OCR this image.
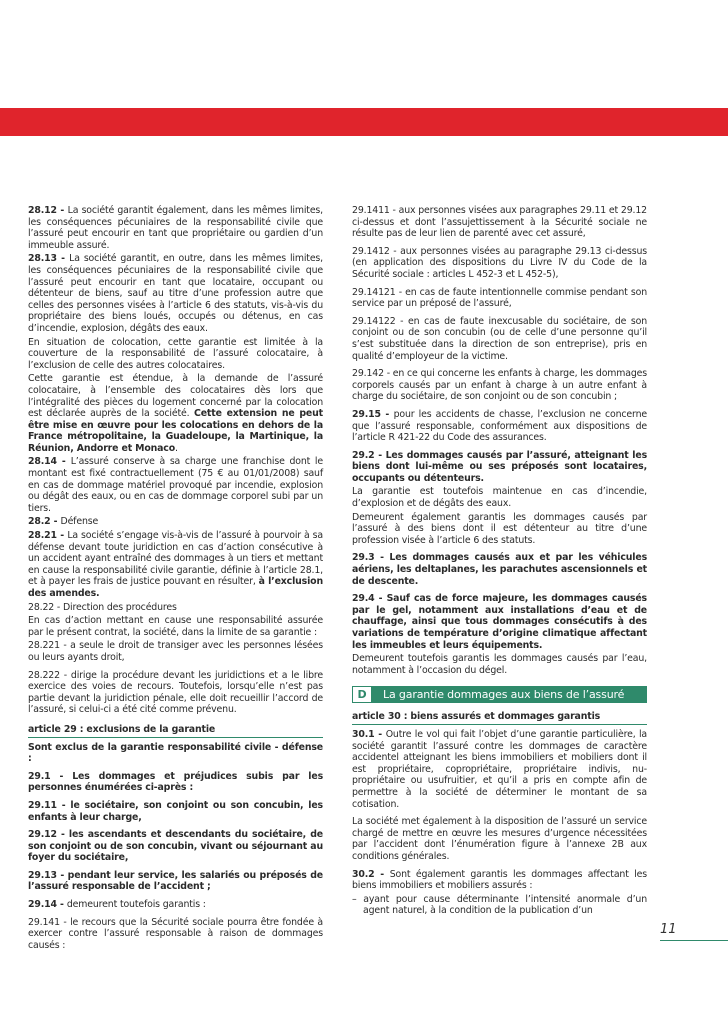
28.12 - La société garantit également, dans les mêmes limites, les conséquences pécuniaires de la responsabilité civile que l’assuré peut encourir en tant que propriétaire ou gardien d’un immeuble assuré.

28.13 - La société garantit, en outre, dans les mêmes limites, les conséquences pécuniaires de la responsabilité civile que l’assuré peut encourir en tant que locataire, occupant ou détenteur de biens, sauf au titre d’une profession autre que celles des personnes visées à l’article 6 des statuts, vis-à-vis du propriétaire des biens loués, occupés ou détenus, en cas d’incendie, explosion, dégâts des eaux.

En situation de colocation, cette garantie est limitée à la couverture de la responsabilité de l’assuré colocataire, à l’exclusion de celle des autres colocataires.

Cette garantie est étendue, à la demande de l’assuré colocataire, à l’ensemble des colocataires dès lors que l’intégralité des pièces du logement concerné par la colocation est déclarée auprès de la société. Cette extension ne peut être mise en œuvre pour les colocations en dehors de la France métropolitaine, la Guadeloupe, la Martinique, la Réunion, Andorre et Monaco.

28.14 - L’assuré conserve à sa charge une franchise dont le montant est fixé contractuellement (75 € au 01/01/2008) sauf en cas de dommage matériel provoqué par incendie, explosion ou dégât des eaux, ou en cas de dommage corporel subi par un tiers.

28.2 - Défense

28.21 - La société s’engage vis-à-vis de l’assuré à pourvoir à sa défense devant toute juridiction en cas d’action consécutive à un accident ayant entraîné des dommages à un tiers et mettant en cause la responsabilité civile garantie, définie à l’article 28.1, et à payer les frais de justice pouvant en résulter, à l’exclusion des amendes.

28.22 - Direction des procédures

En cas d’action mettant en cause une responsabilité assurée par le présent contrat, la société, dans la limite de sa garantie :

28.221 - a seule le droit de transiger avec les personnes lésées ou leurs ayants droit,

28.222 - dirige la procédure devant les juridictions et a le libre exercice des voies de recours. Toutefois, lorsqu’elle n’est pas partie devant la juridiction pénale, elle doit recueillir l’accord de l’assuré, si celui-ci a été cité comme prévenu.

article 29 : exclusions de la garantie

Sont exclus de la garantie responsabilité civile - défense :

29.1 - Les dommages et préjudices subis par les personnes énumérées ci-après :

29.11 - le sociétaire, son conjoint ou son concubin, les enfants à leur charge,

29.12 - les ascendants et descendants du sociétaire, de son conjoint ou de son concubin, vivant ou séjournant au foyer du sociétaire,

29.13 - pendant leur service, les salariés ou préposés de l’assuré responsable de l’accident ;

29.14 - demeurent toutefois garantis :

29.141 - le recours que la Sécurité sociale pourra être fondée à exercer contre l’assuré responsable à raison de dommages causés :

29.1411 - aux personnes visées aux paragraphes 29.11 et 29.12 ci-dessus et dont l’assujettissement à la Sécurité sociale ne résulte pas de leur lien de parenté avec cet assuré,

29.1412 - aux personnes visées au paragraphe 29.13 ci-dessus (en application des dispositions du Livre IV du Code de la Sécurité sociale : articles L 452-3 et L 452-5),

29.14121 - en cas de faute intentionnelle commise pendant son service par un préposé de l’assuré,

29.14122 - en cas de faute inexcusable du sociétaire, de son conjoint ou de son concubin (ou de celle d’une personne qu’il s’est substituée dans la direction de son entreprise), pris en qualité d’employeur de la victime.

29.142 - en ce qui concerne les enfants à charge, les dommages corporels causés par un enfant à charge à un autre enfant à charge du sociétaire, de son conjoint ou de son concubin ;

29.15 - pour les accidents de chasse, l’exclusion ne concerne que l’assuré responsable, conformément aux dispositions de l’article R 421-22 du Code des assurances.

29.2 - Les dommages causés par l’assuré, atteignant les biens dont lui-même ou ses préposés sont locataires, occupants ou détenteurs.

La garantie est toutefois maintenue en cas d’incendie, d’explosion et de dégâts des eaux.

Demeurent également garantis les dommages causés par l’assuré à des biens dont il est détenteur au titre d’une profession visée à l’article 6 des statuts.

29.3 - Les dommages causés aux et par les véhicules aériens, les deltaplanes, les parachutes ascensionnels et de descente.

29.4 - Sauf cas de force majeure, les dommages causés par le gel, notamment aux installations d’eau et de chauffage, ainsi que tous dommages consécutifs à des variations de température d’origine climatique affectant les immeubles et leurs équipements.

Demeurent toutefois garantis les dommages causés par l’eau, notamment à l’occasion du dégel.

D	La garantie dommages aux biens de l’assuré

article 30 : biens assurés et dommages garantis

30.1 - Outre le vol qui fait l’objet d’une garantie particulière, la société garantit l’assuré contre les dommages de caractère accidentel atteignant les biens immobiliers et mobiliers dont il est propriétaire, copropriétaire, propriétaire indivis, nu-propriétaire ou usufruitier, et qu’il a pris en compte afin de permettre à la société de déterminer le montant de sa cotisation.

La société met également à la disposition de l’assuré un service chargé de mettre en œuvre les mesures d’urgence nécessitées par l’accident dont l’énumération figure à l’annexe 2B aux conditions générales.

30.2 - Sont également garantis les dommages affectant les biens immobiliers et mobiliers assurés :

– ayant pour cause déterminante l’intensité anormale d’un agent naturel, à la condition de la publication d’un

11
